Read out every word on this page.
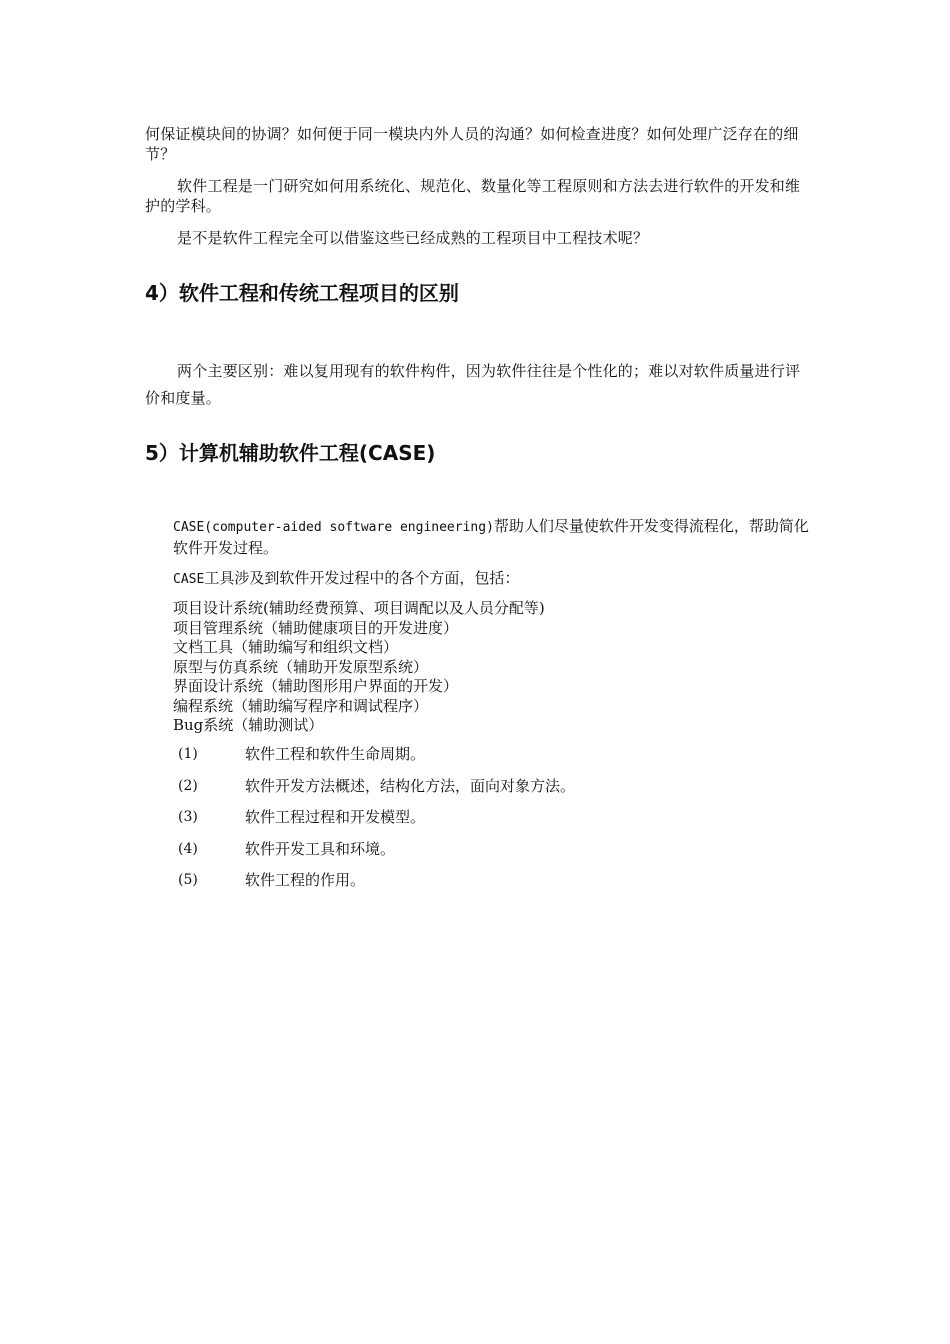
何保证模块间的协调？如何便于同一模块内外人员的沟通？如何检查进度？如何处理广泛存在的细节？

软件工程是一门研究如何用系统化、规范化、数量化等工程原则和方法去进行软件的开发和维护的学科。

是不是软件工程完全可以借鉴这些已经成熟的工程项目中工程技术呢？

4）软件工程和传统工程项目的区别

两个主要区别：难以复用现有的软件构件，因为软件往往是个性化的；难以对软件质量进行评价和度量。

5）计算机辅助软件工程(CASE)

CASE(computer-aided software engineering)帮助人们尽量使软件开发变得流程化，帮助简化软件开发过程。

CASE工具涉及到软件开发过程中的各个方面，包括：

项目设计系统(辅助经费预算、项目调配以及人员分配等)
项目管理系统（辅助健康项目的开发进度）
文档工具（辅助编写和组织文档）
原型与仿真系统（辅助开发原型系统）
界面设计系统（辅助图形用户界面的开发）
编程系统（辅助编写程序和调试程序）
Bug系统（辅助测试）
(1)	软件工程和软件生命周期。
(2)	软件开发方法概述，结构化方法，面向对象方法。
(3)	软件工程过程和开发模型。
(4)	软件开发工具和环境。
(5)	软件工程的作用。
